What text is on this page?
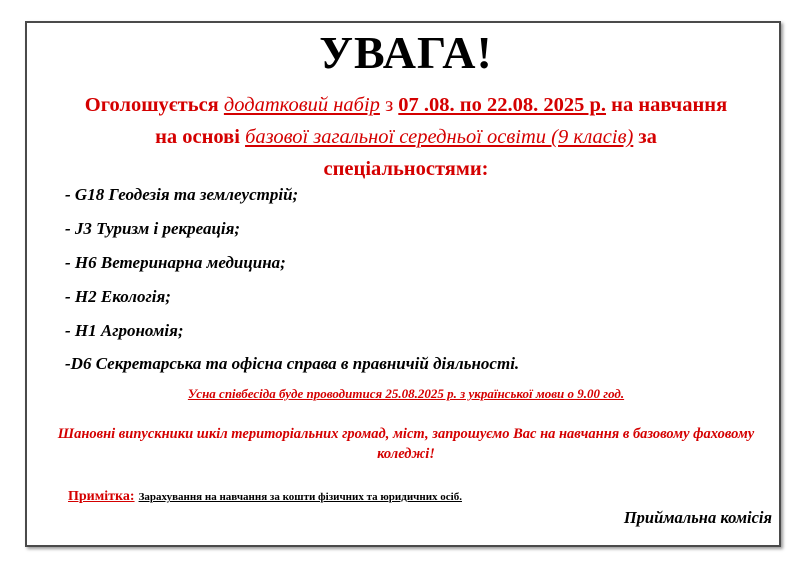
УВАГА!
Оголошується додатковий набір з 07 .08. по 22.08. 2025 р. на навчання
на основі базової загальної середньої освіти (9 класів) за
спеціальностями:
- G18 Геодезія та землеустрій;
- J3 Туризм і рекреація;
- H6 Ветеринарна медицина;
- H2 Екологія;
- H1 Агрономія;
-D6 Секретарська та офісна справа в правничій діяльності.
Усна співбесіда буде проводитися 25.08.2025 р. з української мови о 9.00 год.
Шановні випускники шкіл територіальних громад, міст, запрошуємо Вас на навчання в базовому фаховому коледжі!
Примітка: Зарахування на навчання за кошти фізичних та юридичних осіб.
Приймальна комісія
